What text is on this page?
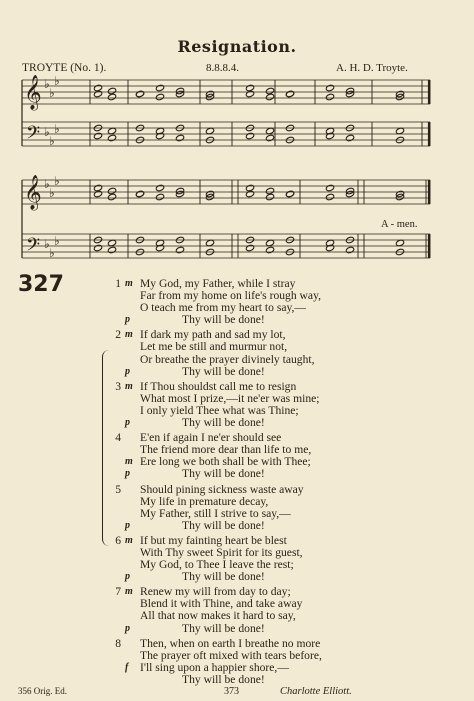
Resignation.
TROYTE (No. 1).	8.8.8.4.	A. H. D. Troyte.
𝄞
𝄢
♭
♭
♭
♭
♭
♭
𝄞
𝄢
♭
♭
♭
♭
♭
♭
A - men.
327	1 m My God, my Father, while I stray
Far from my home on life's rough way,
O teach me from my heart to say,—
p	Thy will be done!
2 m If dark my path and sad my lot,
Let me be still and murmur not,
Or breathe the prayer divinely taught,
p	Thy will be done!
3 m If Thou shouldst call me to resign
What most I prize,—it ne'er was mine;
I only yield Thee what was Thine;
p	Thy will be done!
4 E'en if again I ne'er should see
The friend more dear than life to me,
m Ere long we both shall be with Thee;
p	Thy will be done!
5 Should pining sickness waste away
My life in premature decay,
My Father, still I strive to say,—
p	Thy will be done!
6 m If but my fainting heart be blest
With Thy sweet Spirit for its guest,
My God, to Thee I leave the rest;
p	Thy will be done!
7 m Renew my will from day to day;
Blend it with Thine, and take away
All that now makes it hard to say,
p	Thy will be done!
8 Then, when on earth I breathe no more
The prayer oft mixed with tears before,
f I'll sing upon a happier shore,—
Thy will be done!
356 Orig. Ed.	373	Charlotte Elliott.
